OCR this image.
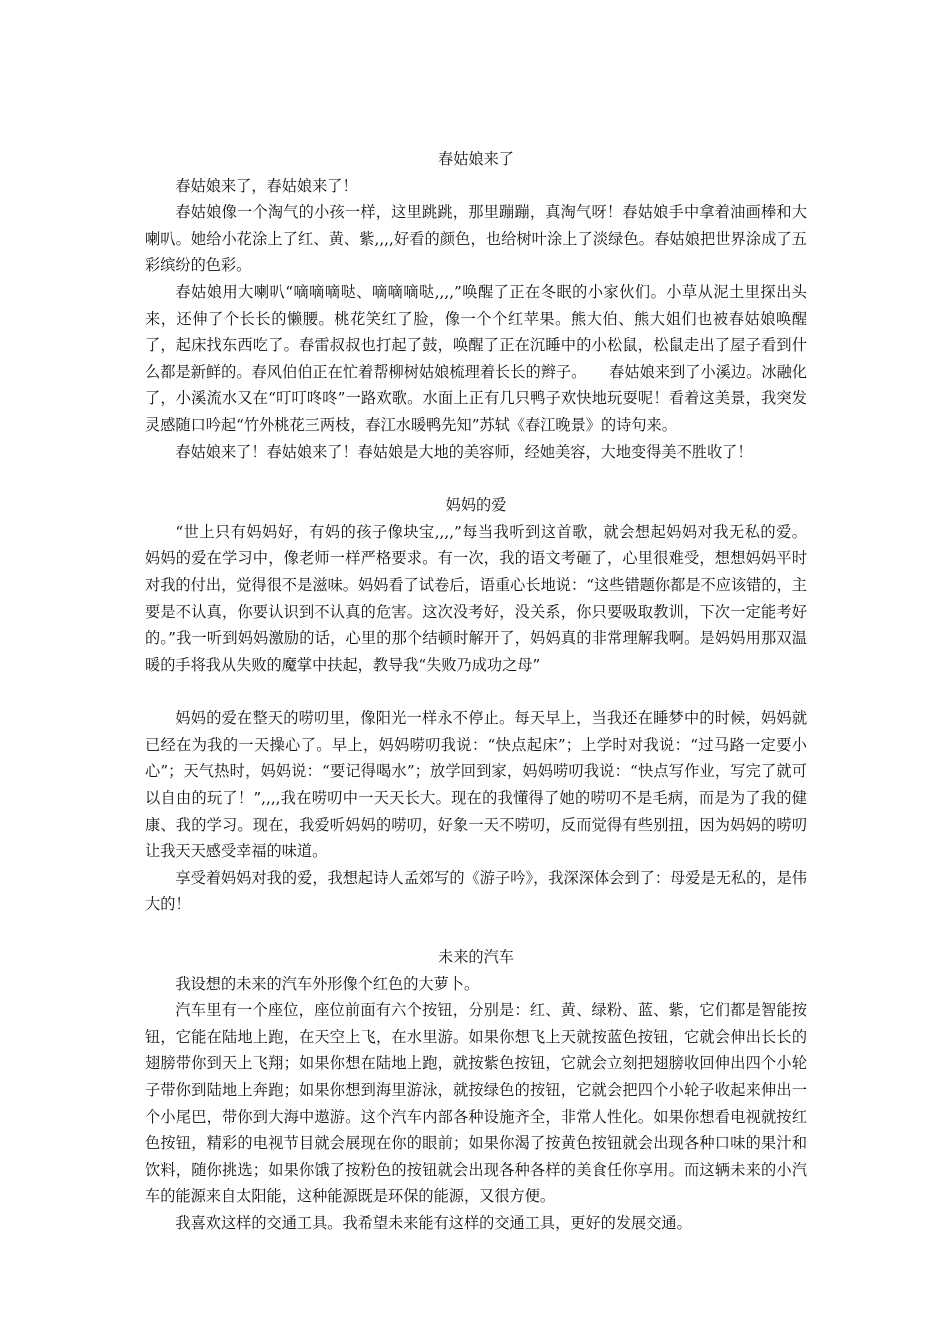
春姑娘来了

春姑娘来了，春姑娘来了！

春姑娘像一个淘气的小孩一样，这里跳跳，那里蹦蹦，真淘气呀！春姑娘手中拿着油画棒和大喇叭。她给小花涂上了红、黄、紫,,,,好看的颜色，也给树叶涂上了淡绿色。春姑娘把世界涂成了五彩缤纷的色彩。

春姑娘用大喇叭“嘀嘀嘀哒、嘀嘀嘀哒,,,,”唤醒了正在冬眠的小家伙们。小草从泥土里探出头来，还伸了个长长的懒腰。桃花笑红了脸，像一个个红苹果。熊大伯、熊大姐们也被春姑娘唤醒了，起床找东西吃了。春雷叔叔也打起了鼓，唤醒了正在沉睡中的小松鼠，松鼠走出了屋子看到什么都是新鲜的。春风伯伯正在忙着帮柳树姑娘梳理着长长的辫子。　　春姑娘来到了小溪边。冰融化了，小溪流水又在“叮叮咚咚”一路欢歌。水面上正有几只鸭子欢快地玩耍呢！看着这美景，我突发灵感随口吟起“竹外桃花三两枝，春江水暖鸭先知”苏轼《春江晚景》的诗句来。

春姑娘来了！春姑娘来了！春姑娘是大地的美容师，经她美容，大地变得美不胜收了！

妈妈的爱

“世上只有妈妈好，有妈的孩子像块宝,,,,”每当我听到这首歌，就会想起妈妈对我无私的爱。 妈妈的爱在学习中，像老师一样严格要求。有一次，我的语文考砸了，心里很难受，想想妈妈平时对我的付出，觉得很不是滋味。妈妈看了试卷后，语重心长地说：“这些错题你都是不应该错的，主要是不认真，你要认识到不认真的危害。这次没考好，没关系，你只要吸取教训，下次一定能考好的。”我一听到妈妈激励的话，心里的那个结顿时解开了，妈妈真的非常理解我啊。是妈妈用那双温暖的手将我从失败的魔掌中扶起，教导我“失败乃成功之母”

妈妈的爱在整天的唠叨里，像阳光一样永不停止。每天早上，当我还在睡梦中的时候，妈妈就已经在为我的一天操心了。早上，妈妈唠叨我说：“快点起床”；上学时对我说：“过马路一定要小心”；天气热时，妈妈说：“要记得喝水”；放学回到家，妈妈唠叨我说：“快点写作业，写完了就可以自由的玩了！”,,,,我在唠叨中一天天长大。现在的我懂得了她的唠叨不是毛病，而是为了我的健康、我的学习。现在，我爱听妈妈的唠叨，好象一天不唠叨，反而觉得有些别扭，因为妈妈的唠叨让我天天感受幸福的味道。

享受着妈妈对我的爱，我想起诗人孟郊写的《游子吟》，我深深体会到了：母爱是无私的，是伟大的！

未来的汽车

我设想的未来的汽车外形像个红色的大萝卜。

汽车里有一个座位，座位前面有六个按钮，分别是：红、黄、绿粉、蓝、紫，它们都是智能按钮，它能在陆地上跑，在天空上飞，在水里游。如果你想飞上天就按蓝色按钮，它就会伸出长长的翅膀带你到天上飞翔；如果你想在陆地上跑，就按紫色按钮，它就会立刻把翅膀收回伸出四个小轮子带你到陆地上奔跑；如果你想到海里游泳，就按绿色的按钮，它就会把四个小轮子收起来伸出一个小尾巴，带你到大海中遨游。这个汽车内部各种设施齐全，非常人性化。如果你想看电视就按红色按钮，精彩的电视节目就会展现在你的眼前；如果你渴了按黄色按钮就会出现各种口味的果汁和饮料，随你挑选；如果你饿了按粉色的按钮就会出现各种各样的美食任你享用。而这辆未来的小汽车的能源来自太阳能，这种能源既是环保的能源，又很方便。

我喜欢这样的交通工具。我希望未来能有这样的交通工具，更好的发展交通。
